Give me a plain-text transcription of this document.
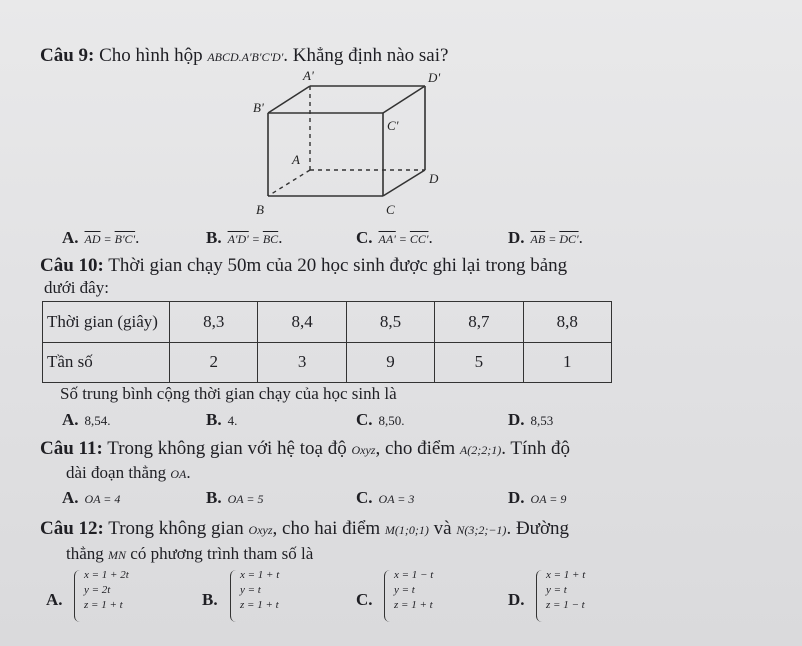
Câu 9: Cho hình hộp ABCD.A'B'C'D'. Khẳng định nào sai?
A'	D'
B'
C'
A
D
B	C
A. $\overline{AD} = B'C'$.	B. $A'D' = \overline{BC}$.	C. AA' = CC'.	D. $\overline{AB} = DC'$.
Câu 10: Thời gian chạy 50m của 20 học sinh được ghi lại trong bảng
dưới đây:
Thời gian (giây)	8,3	8,4	8,5	8,7	8,8
Tần số	2	3	9	5	1
Số trung bình cộng thời gian chạy của học sinh là
A. 8,54.	B. 4.	C. 8,50.	D. 8,53
Câu 11: Trong không gian với hệ toạ độ Oxyz, cho điểm A(2;2;1). Tính độ
dài đoạn thẳng OA.
A. OA = 4	B. OA = 5	C. OA = 3	D. OA = 9
Câu 12: Trong không gian Oxyz, cho hai điểm M(1;0;1) và N(3;2;−1). Đường
thẳng MN có phương trình tham số là
A.
x = 1 + 2t
y = 2t
z = 1 + t	B.
x = 1 + t
y = t
z = 1 + t	C.
x = 1 − t
y = t
z = 1 + t	D.
x = 1 + t
y = t
z = 1 − t
